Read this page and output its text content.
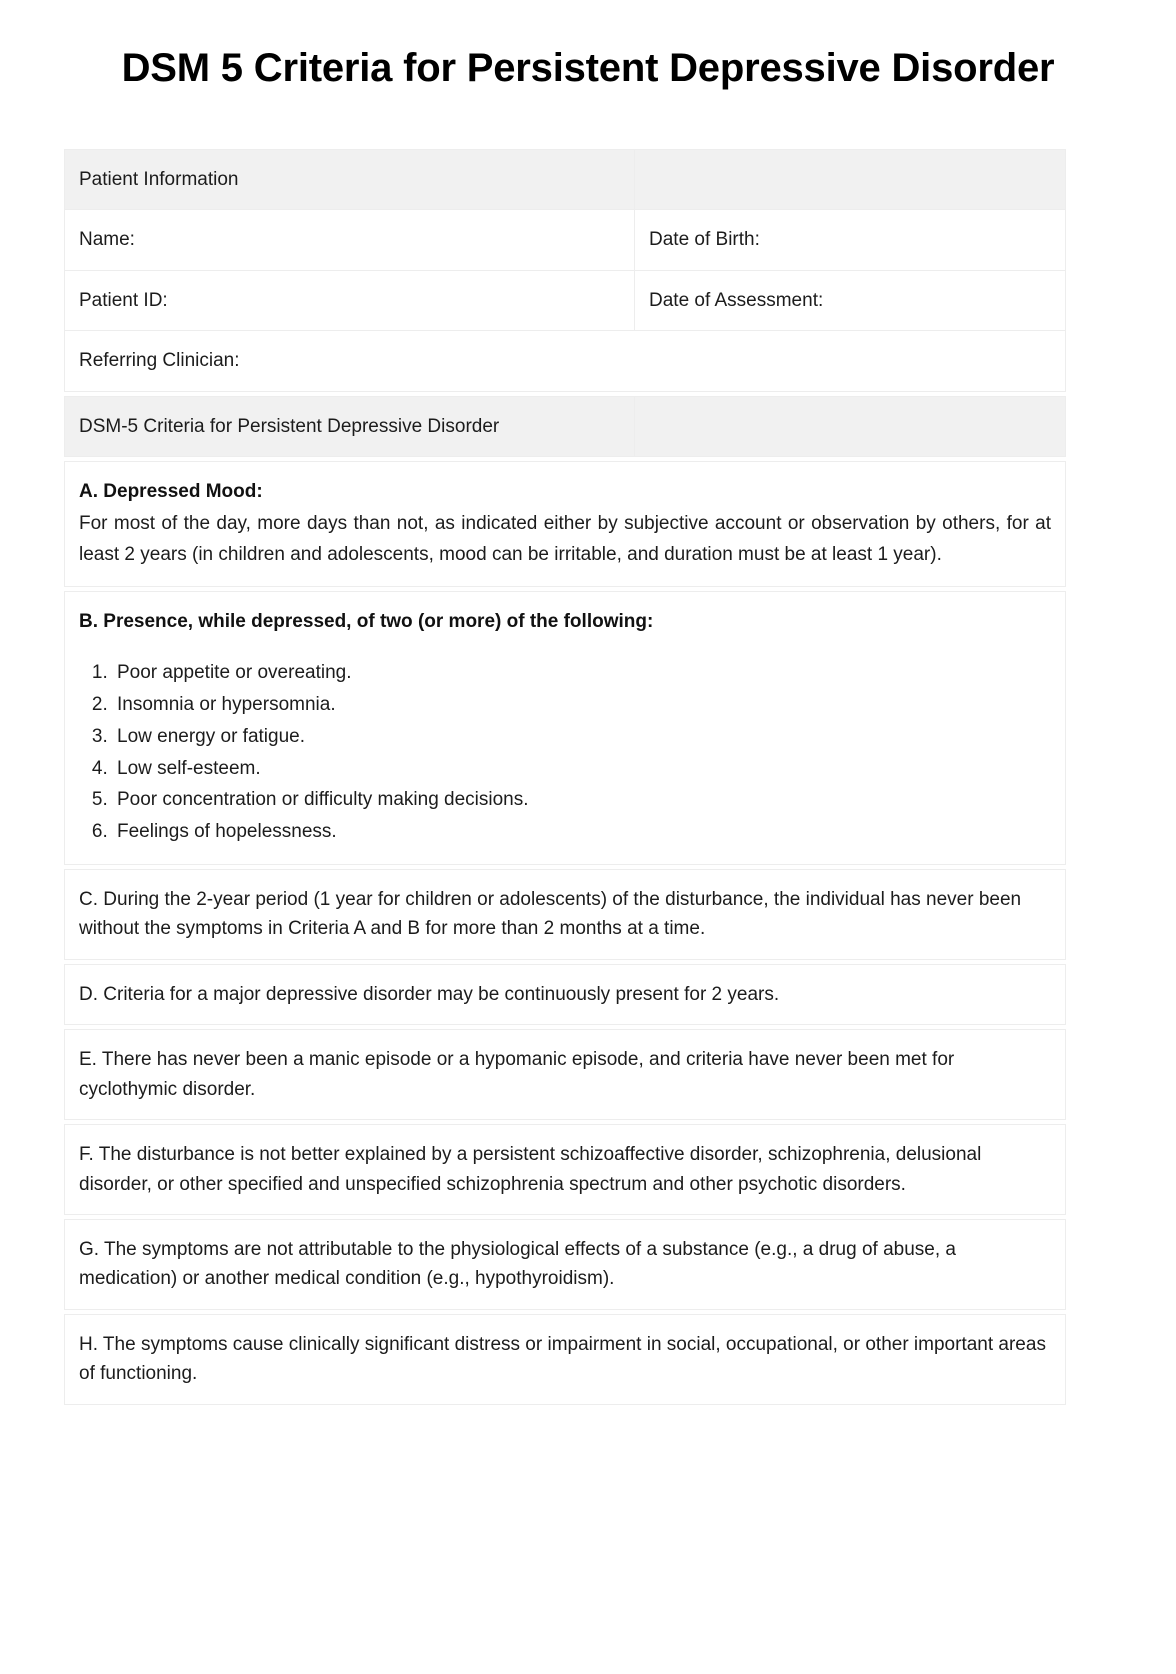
DSM 5 Criteria for Persistent Depressive Disorder
Patient Information	
Name:	Date of Birth:
Patient ID:	Date of Assessment:
Referring Clinician:	
DSM-5 Criteria for Persistent Depressive Disorder	
A. Depressed Mood:
For most of the day, more days than not, as indicated either by subjective account or observation by others, for at least 2 years (in children and adolescents, mood can be irritable, and duration must be at least 1 year).
B. Presence, while depressed, of two (or more) of the following:
1. Poor appetite or overeating.
2. Insomnia or hypersomnia.
3. Low energy or fatigue.
4. Low self-esteem.
5. Poor concentration or difficulty making decisions.
6. Feelings of hopelessness.
C. During the 2-year period (1 year for children or adolescents) of the disturbance, the individual has never been without the symptoms in Criteria A and B for more than 2 months at a time.
D. Criteria for a major depressive disorder may be continuously present for 2 years.
E. There has never been a manic episode or a hypomanic episode, and criteria have never been met for cyclothymic disorder.
F. The disturbance is not better explained by a persistent schizoaffective disorder, schizophrenia, delusional disorder, or other specified and unspecified schizophrenia spectrum and other psychotic disorders.
G. The symptoms are not attributable to the physiological effects of a substance (e.g., a drug of abuse, a medication) or another medical condition (e.g., hypothyroidism).
H. The symptoms cause clinically significant distress or impairment in social, occupational, or other important areas of functioning.
